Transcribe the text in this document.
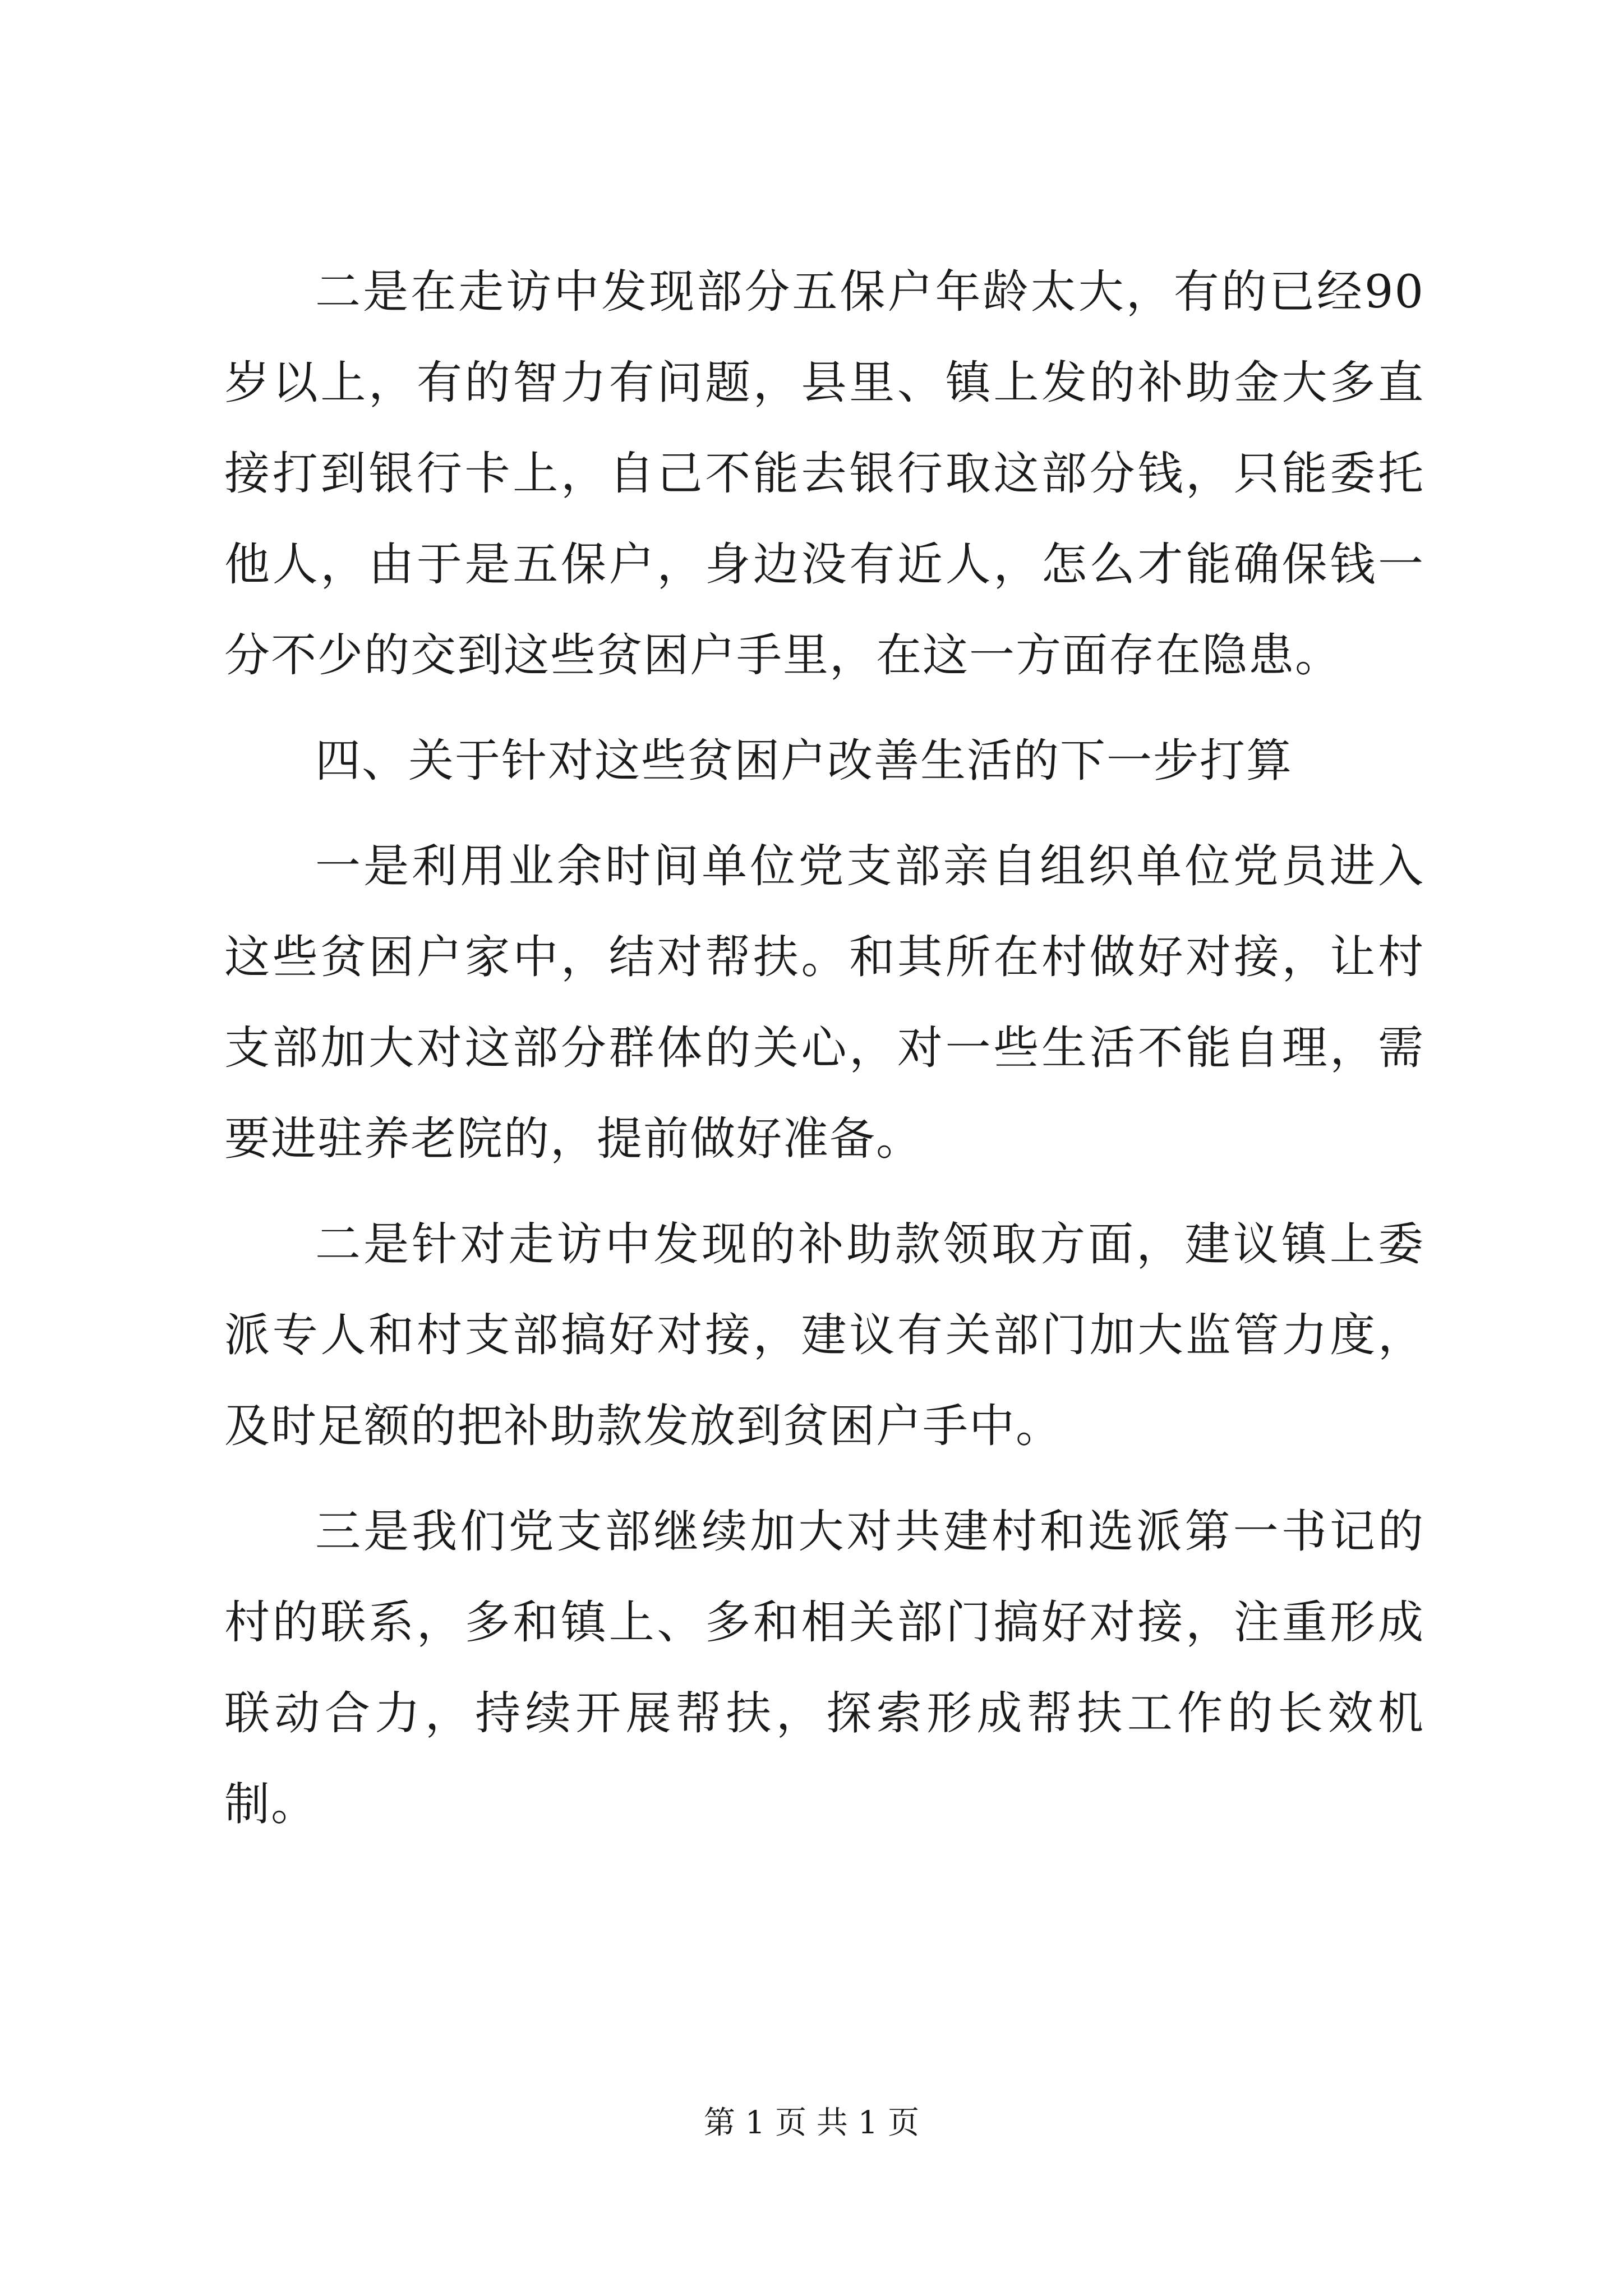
二是在走访中发现部分五保户年龄太大，有的已经90岁以上，有的智力有问题，县里、镇上发的补助金大多直接打到银行卡上，自己不能去银行取这部分钱，只能委托他人，由于是五保户，身边没有近人，怎么才能确保钱一分不少的交到这些贫困户手里，在这一方面存在隐患。

四、关于针对这些贫困户改善生活的下一步打算

一是利用业余时间单位党支部亲自组织单位党员进入这些贫困户家中，结对帮扶。和其所在村做好对接，让村支部加大对这部分群体的关心，对一些生活不能自理，需要进驻养老院的，提前做好准备。

二是针对走访中发现的补助款领取方面，建议镇上委派专人和村支部搞好对接，建议有关部门加大监管力度，及时足额的把补助款发放到贫困户手中。

三是我们党支部继续加大对共建村和选派第一书记的村的联系，多和镇上、多和相关部门搞好对接，注重形成联动合力，持续开展帮扶，探索形成帮扶工作的长效机制。

第 1 页 共 1 页
